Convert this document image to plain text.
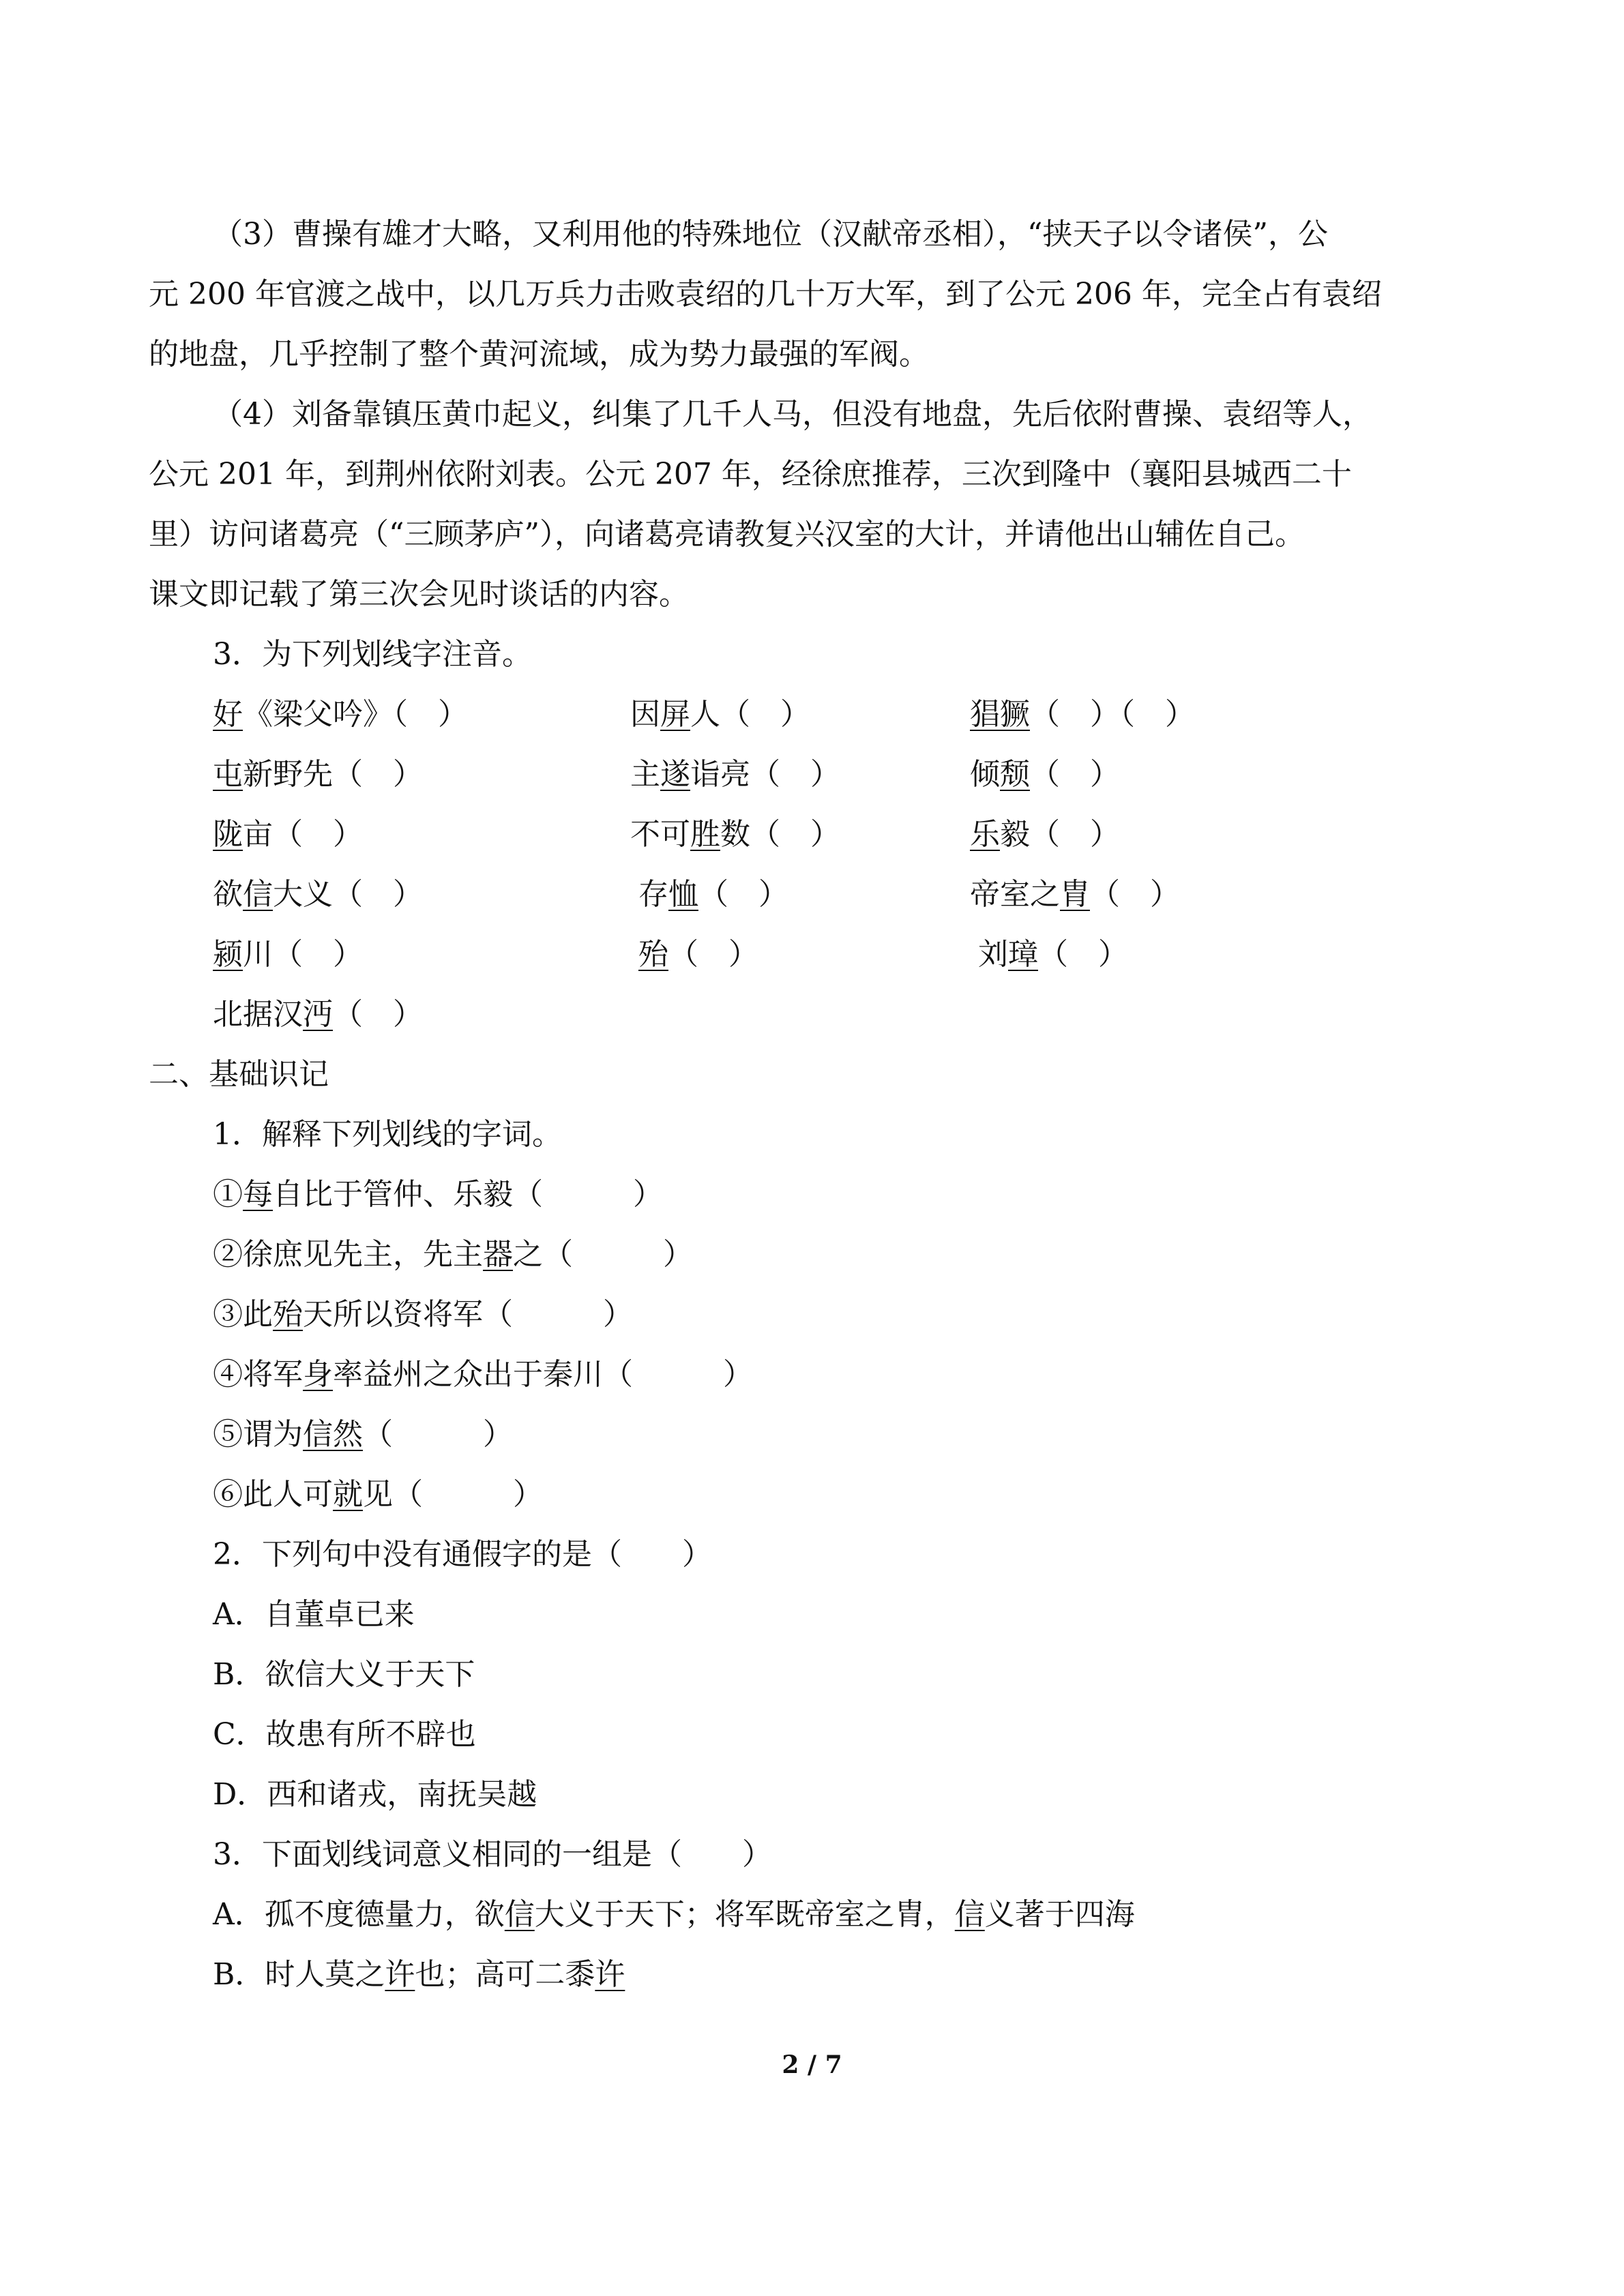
（3）曹操有雄才大略，又利用他的特殊地位（汉献帝丞相），“挟天子以令诸侯”，公
元 200 年官渡之战中，以几万兵力击败袁绍的几十万大军，到了公元 206 年，完全占有袁绍
的地盘，几乎控制了整个黄河流域，成为势力最强的军阀。
（4）刘备靠镇压黄巾起义，纠集了几千人马，但没有地盘，先后依附曹操、袁绍等人，
公元 201 年，到荆州依附刘表。公元 207 年，经徐庶推荐，三次到隆中（襄阳县城西二十
里）访问诸葛亮（“三顾茅庐”），向诸葛亮请教复兴汉室的大计，并请他出山辅佐自己。
课文即记载了第三次会见时谈话的内容。
3．为下列划线字注音。
好《梁父吟》（　）	因屏人（　）	猖獗（　）（　）
屯新野先（　）	主遂诣亮（　）	倾颓（　）
陇亩（　）	不可胜数（　）	乐毅（　）
欲信大义（　）	存恤（　）	帝室之胄（　）
颍川（　）	殆（　）	刘璋（　）
北据汉沔（　）
二、基础识记
1．解释下列划线的字词。
①每自比于管仲、乐毅（　　　）
②徐庶见先主，先主器之（　　　）
③此殆天所以资将军（　　　）
④将军身率益州之众出于秦川（　　　）
⑤谓为信然（　　　）
⑥此人可就见（　　　）
2．下列句中没有通假字的是（　　）
A．自董卓已来
B．欲信大义于天下
C．故患有所不辟也
D．西和诸戎，南抚吴越
3．下面划线词意义相同的一组是（　　）
A．孤不度德量力，欲信大义于天下；将军既帝室之胄，信义著于四海
B．时人莫之许也；高可二黍许
2 / 7
